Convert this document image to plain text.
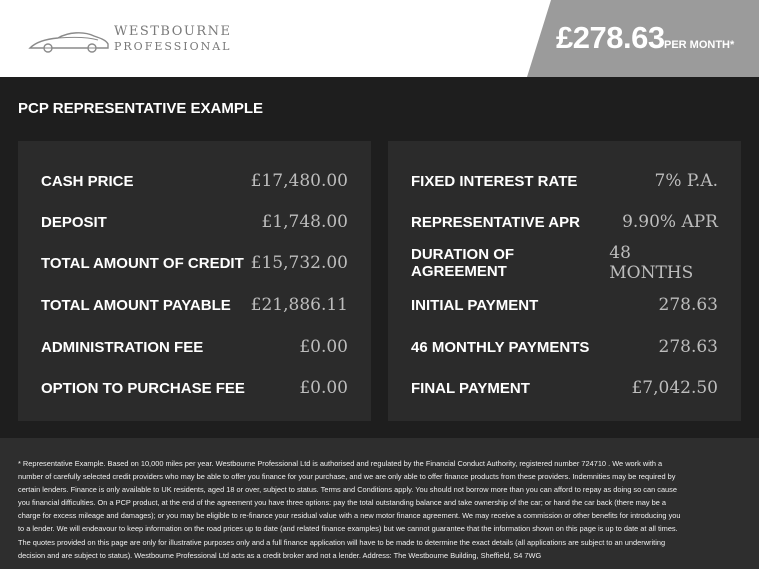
WESTBOURNE
PROFESSIONAL	£278.63 PER MONTH*
PCP REPRESENTATIVE EXAMPLE
CASH PRICE	£17,480.00
DEPOSIT	£1,748.00
TOTAL AMOUNT OF CREDIT £15,732.00
TOTAL AMOUNT PAYABLE £21,886.11
ADMINISTRATION FEE	£0.00
OPTION TO PURCHASE FEE	£0.00
FIXED INTEREST RATE	7% P.A.
REPRESENTATIVE APR 9.90% APR
DURATION OF AGREEMENT
48 MONTHS
INITIAL PAYMENT	278.63
46 MONTHLY PAYMENTS	278.63
FINAL PAYMENT	£7,042.50

* Representative Example. Based on 10,000 miles per year. Westbourne Professional Ltd is authorised and regulated by the Financial Conduct Authority, registered number 724710 . We work with a number of carefully selected credit providers who may be able to offer you finance for your purchase, and we are only able to offer finance products from these providers. Indemnities may be required by certain lenders. Finance is only available to UK residents, aged 18 or over, subject to status. Terms and Conditions apply. You should not borrow more than you can afford to repay as doing so can cause you financial difficulties. On a PCP product, at the end of the agreement you have three options: pay the total outstanding balance and take ownership of the car; or hand the car back (there may be a charge for excess mileage and damages); or you may be eligible to re-finance your residual value with a new motor finance agreement. We may receive a commission or other benefits for introducing you to a lender. We will endeavour to keep information on the road prices up to date (and related finance examples) but we cannot guarantee that the information shown on this page is up to date at all times. The quotes provided on this page are only for illustrative purposes only and a full finance application will have to be made to determine the exact details (all applications are subject to an underwriting decision and are subject to status). Westbourne Professional Ltd acts as a credit broker and not a lender. Address: The Westbourne Building, Sheffield, S4 7WG
